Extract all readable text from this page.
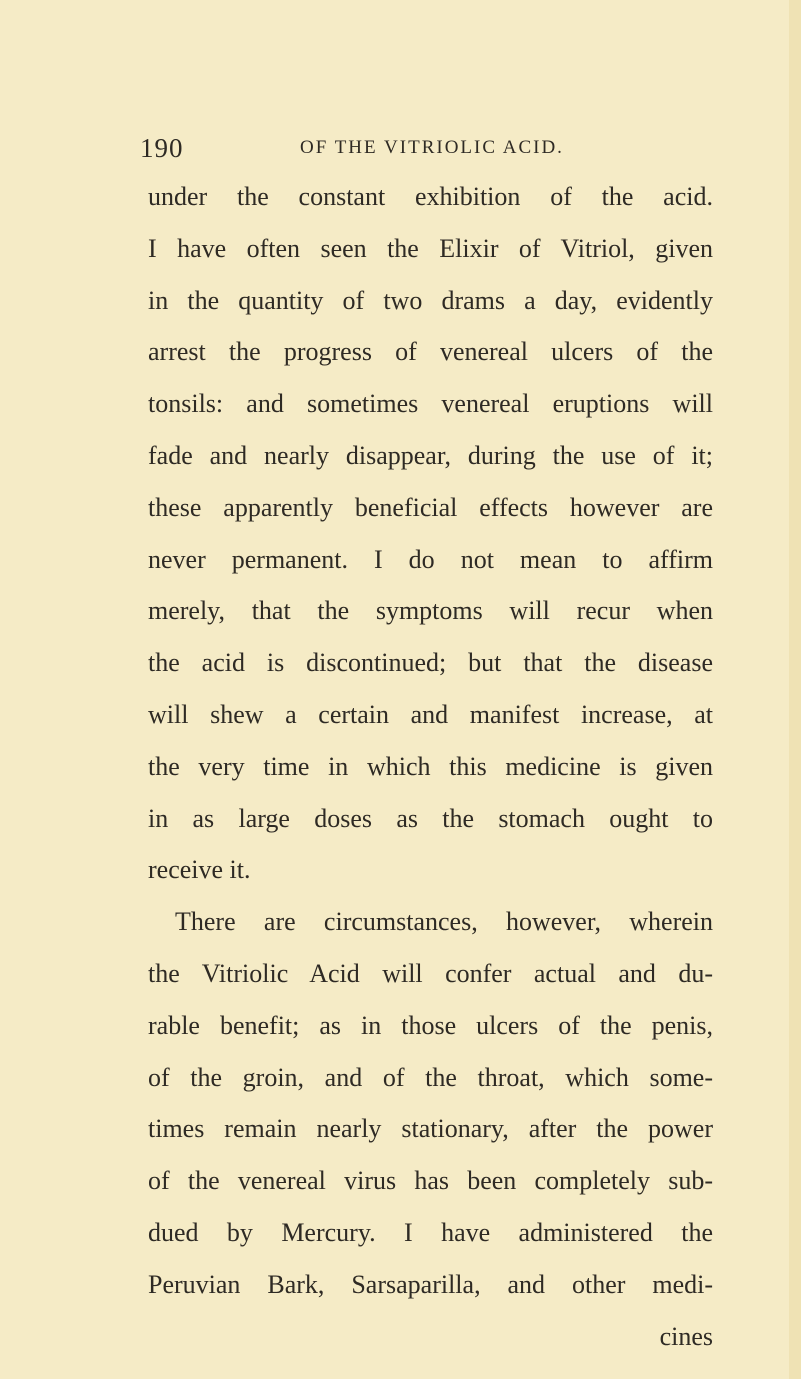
190	OF THE VITRIOLIC ACID.
under the constant exhibition of the acid.
I have often seen the Elixir of Vitriol, given
in the quantity of two drams a day, evidently
arrest the progress of venereal ulcers of the
tonsils: and sometimes venereal eruptions will
fade and nearly disappear, during the use of it;
these apparently beneficial effects however are
never permanent. I do not mean to affirm
merely, that the symptoms will recur when
the acid is discontinued; but that the disease
will shew a certain and manifest increase, at
the very time in which this medicine is given
in as large doses as the stomach ought to
receive it.
There are circumstances, however, wherein
the Vitriolic Acid will confer actual and du-
rable benefit; as in those ulcers of the penis,
of the groin, and of the throat, which some-
times remain nearly stationary, after the power
of the venereal virus has been completely sub-
dued by Mercury. I have administered the
Peruvian Bark, Sarsaparilla, and other medi-
cines
